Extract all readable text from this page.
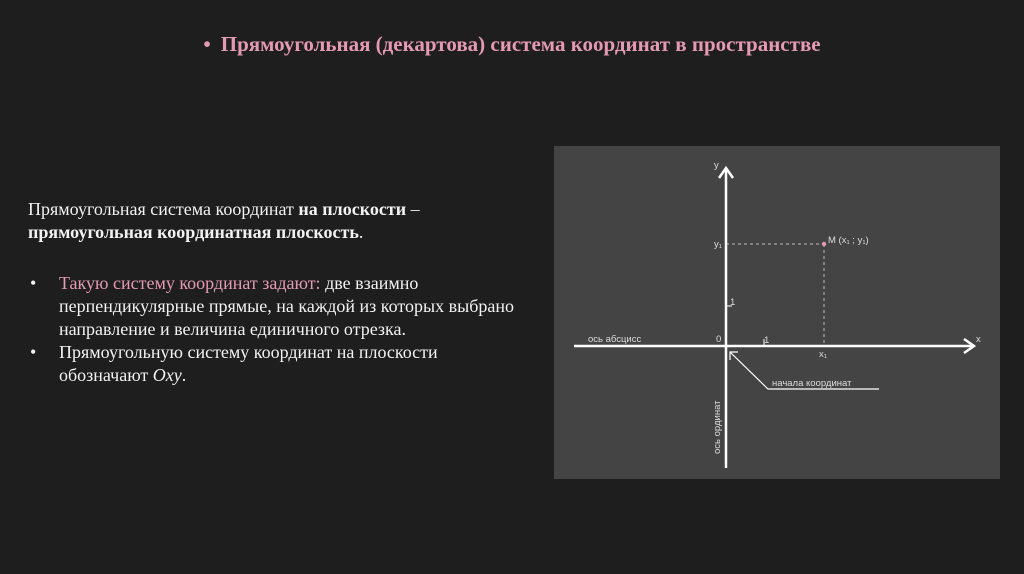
• Прямоугольная (декартова) система координат в пространстве

Прямоугольная система координат на плоскости –
прямоугольная координатная плоскость.

• Такую систему координат задают: две взаимно перпендикулярные прямые, на каждой из которых выбрано направление и величина единичного отрезка.
• Прямоугольную систему координат на плоскости обозначают Oxy.
y
x
M (x₁ ; y₁)
y₁
x₁
1
1
0
ось абсцисс
ось ординат
начала координат
